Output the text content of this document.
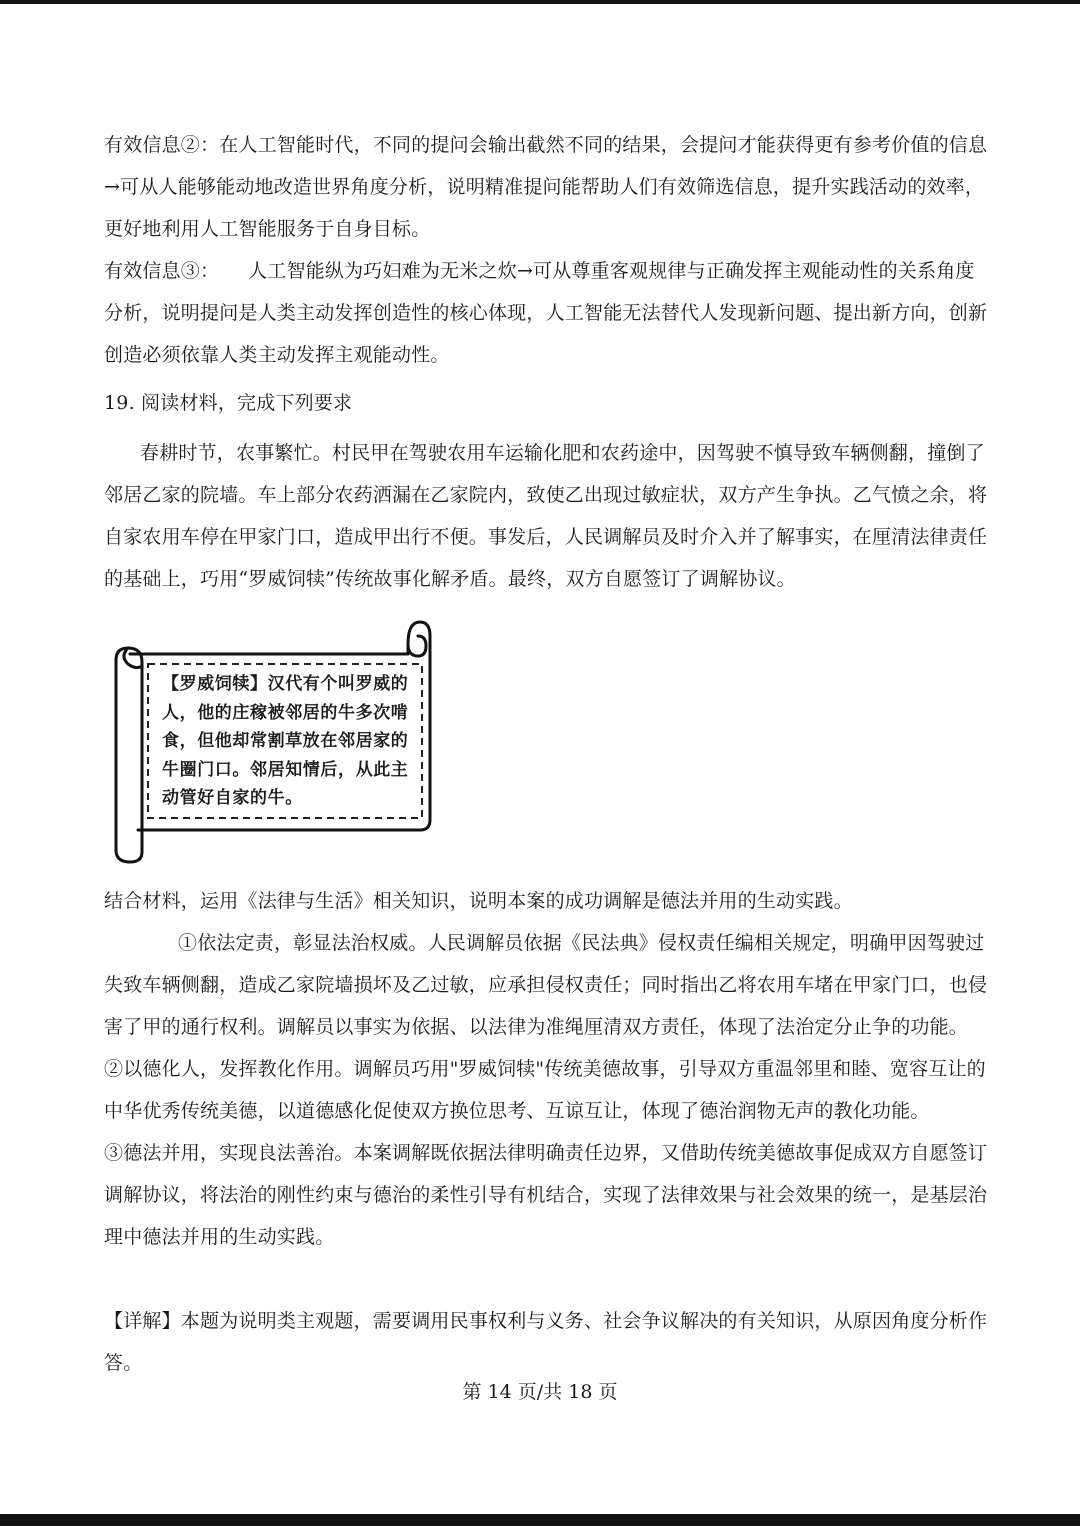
有效信息②：在人工智能时代，不同的提问会输出截然不同的结果，会提问才能获得更有参考价值的信息
→可从人能够能动地改造世界角度分析，说明精准提问能帮助人们有效筛选信息，提升实践活动的效率，
更好地利用人工智能服务于自身目标。
有效信息③：　　人工智能纵为巧妇难为无米之炊→可从尊重客观规律与正确发挥主观能动性的关系角度
分析，说明提问是人类主动发挥创造性的核心体现，人工智能无法替代人发现新问题、提出新方向，创新
创造必须依靠人类主动发挥主观能动性。
19. 阅读材料，完成下列要求
春耕时节，农事繁忙。村民甲在驾驶农用车运输化肥和农药途中，因驾驶不慎导致车辆侧翻，撞倒了
邻居乙家的院墙。车上部分农药洒漏在乙家院内，致使乙出现过敏症状，双方产生争执。乙气愤之余，将
自家农用车停在甲家门口，造成甲出行不便。事发后，人民调解员及时介入并了解事实，在厘清法律责任
的基础上，巧用“罗威饲犊”传统故事化解矛盾。最终，双方自愿签订了调解协议。
【罗威饲犊】汉代有个叫罗威的
人，他的庄稼被邻居的牛多次啃
食，但他却常割草放在邻居家的
牛圈门口。邻居知情后，从此主
动管好自家的牛。
结合材料，运用《法律与生活》相关知识，说明本案的成功调解是德法并用的生动实践。
①依法定责，彰显法治权威。人民调解员依据《民法典》侵权责任编相关规定，明确甲因驾驶过
失致车辆侧翻，造成乙家院墙损坏及乙过敏，应承担侵权责任；同时指出乙将农用车堵在甲家门口，也侵
害了甲的通行权利。调解员以事实为依据、以法律为准绳厘清双方责任，体现了法治定分止争的功能。
②以德化人，发挥教化作用。调解员巧用"罗威饲犊"传统美德故事，引导双方重温邻里和睦、宽容互让的
中华优秀传统美德，以道德感化促使双方换位思考、互谅互让，体现了德治润物无声的教化功能。
③德法并用，实现良法善治。本案调解既依据法律明确责任边界，又借助传统美德故事促成双方自愿签订
调解协议，将法治的刚性约束与德治的柔性引导有机结合，实现了法律效果与社会效果的统一，是基层治
理中德法并用的生动实践。
【详解】本题为说明类主观题，需要调用民事权利与义务、社会争议解决的有关知识，从原因角度分析作
答。
第 14 页/共 18 页
